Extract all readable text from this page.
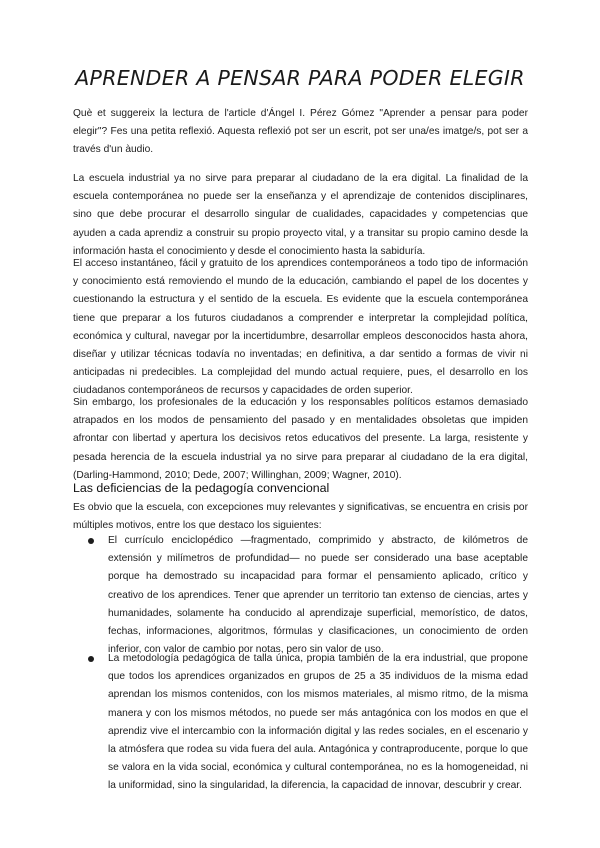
APRENDER A PENSAR PARA PODER ELEGIR

Què et suggereix la lectura de l'article d'Ángel I. Pérez Gómez "Aprender a pensar para poder elegir"? Fes una petita reflexió. Aquesta reflexió pot ser un escrit, pot ser una/es imatge/s, pot ser a través d'un àudio.

La escuela industrial ya no sirve para preparar al ciudadano de la era digital. La finalidad de la escuela contemporánea no puede ser la enseñanza y el aprendizaje de contenidos disciplinares, sino que debe procurar el desarrollo singular de cualidades, capacidades y competencias que ayuden a cada aprendiz a construir su propio proyecto vital, y a transitar su propio camino desde la información hasta el conocimiento y desde el conocimiento hasta la sabiduría.

El acceso instantáneo, fácil y gratuito de los aprendices contemporáneos a todo tipo de información y conocimiento está removiendo el mundo de la educación, cambiando el papel de los docentes y cuestionando la estructura y el sentido de la escuela. Es evidente que la escuela contemporánea tiene que preparar a los futuros ciudadanos a comprender e interpretar la complejidad política, económica y cultural, navegar por la incertidumbre, desarrollar empleos desconocidos hasta ahora, diseñar y utilizar técnicas todavía no inventadas; en definitiva, a dar sentido a formas de vivir ni anticipadas ni predecibles. La complejidad del mundo actual requiere, pues, el desarrollo en los ciudadanos contemporáneos de recursos y capacidades de orden superior.

Sin embargo, los profesionales de la educación y los responsables políticos estamos demasiado atrapados en los modos de pensamiento del pasado y en mentalidades obsoletas que impiden afrontar con libertad y apertura los decisivos retos educativos del presente. La larga, resistente y pesada herencia de la escuela industrial ya no sirve para preparar al ciudadano de la era digital, (Darling-Hammond, 2010; Dede, 2007; Willinghan, 2009; Wagner, 2010).

Las deficiencias de la pedagogía convencional

Es obvio que la escuela, con excepciones muy relevantes y significativas, se encuentra en crisis por múltiples motivos, entre los que destaco los siguientes:

El currículo enciclopédico —fragmentado, comprimido y abstracto, de kilómetros de extensión y milímetros de profundidad— no puede ser considerado una base aceptable porque ha demostrado su incapacidad para formar el pensamiento aplicado, crítico y creativo de los aprendices. Tener que aprender un territorio tan extenso de ciencias, artes y humanidades, solamente ha conducido al aprendizaje superficial, memorístico, de datos, fechas, informaciones, algoritmos, fórmulas y clasificaciones, un conocimiento de orden inferior, con valor de cambio por notas, pero sin valor de uso.

La metodología pedagógica de talla única, propia también de la era industrial, que propone que todos los aprendices organizados en grupos de 25 a 35 individuos de la misma edad aprendan los mismos contenidos, con los mismos materiales, al mismo ritmo, de la misma manera y con los mismos métodos, no puede ser más antagónica con los modos en que el aprendiz vive el intercambio con la información digital y las redes sociales, en el escenario y la atmósfera que rodea su vida fuera del aula. Antagónica y contraproducente, porque lo que se valora en la vida social, económica y cultural contemporánea, no es la homogeneidad, ni la uniformidad, sino la singularidad, la diferencia, la capacidad de innovar, descubrir y crear.
